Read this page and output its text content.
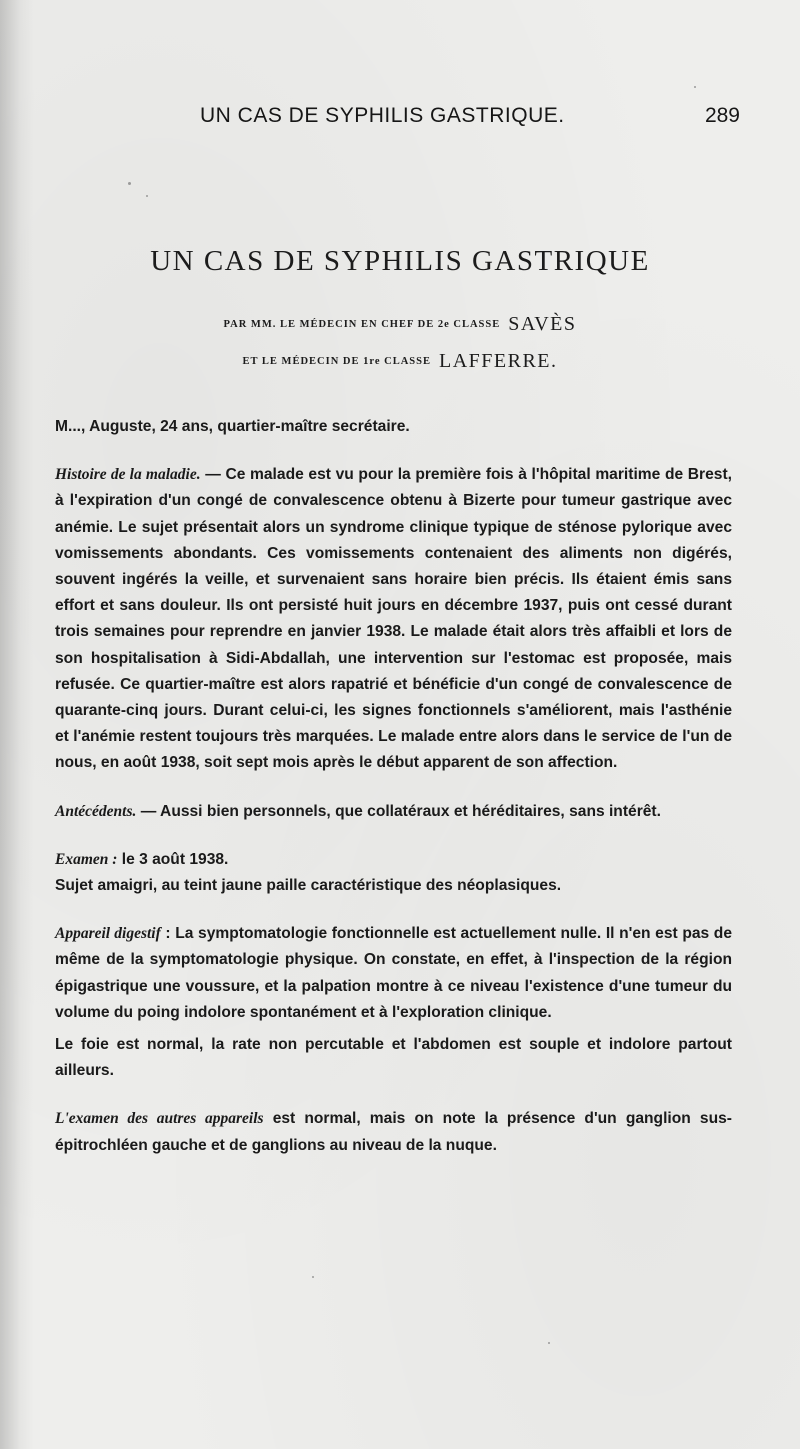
UN CAS DE SYPHILIS GASTRIQUE.	289
UN CAS DE SYPHILIS GASTRIQUE
PAR MM. LE MÉDECIN EN CHEF DE 2e CLASSE SAVÈS
ET LE MÉDECIN DE 1re CLASSE LAFFERRE.

M..., Auguste, 24 ans, quartier-maître secrétaire.

Histoire de la maladie. — Ce malade est vu pour la première fois à l'hôpital maritime de Brest, à l'expiration d'un congé de convalescence obtenu à Bizerte pour tumeur gastrique avec anémie. Le sujet présentait alors un syndrome clinique typique de sténose pylorique avec vomissements abondants. Ces vomissements contenaient des aliments non digérés, souvent ingérés la veille, et survenaient sans horaire bien précis. Ils étaient émis sans effort et sans douleur. Ils ont persisté huit jours en décembre 1937, puis ont cessé durant trois semaines pour reprendre en janvier 1938. Le malade était alors très affaibli et lors de son hospitalisation à Sidi-Abdallah, une intervention sur l'estomac est proposée, mais refusée. Ce quartier-maître est alors rapatrié et bénéficie d'un congé de convalescence de quarante-cinq jours. Durant celui-ci, les signes fonctionnels s'améliorent, mais l'asthénie et l'anémie restent toujours très marquées. Le malade entre alors dans le service de l'un de nous, en août 1938, soit sept mois après le début apparent de son affection.

Antécédents. — Aussi bien personnels, que collatéraux et héréditaires, sans intérêt.

Examen : le 3 août 1938.

Sujet amaigri, au teint jaune paille caractéristique des néoplasiques.

Appareil digestif : La symptomatologie fonctionnelle est actuellement nulle. Il n'en est pas de même de la symptomatologie physique. On constate, en effet, à l'inspection de la région épigastrique une voussure, et la palpation montre à ce niveau l'existence d'une tumeur du volume du poing indolore spontanément et à l'exploration clinique.

Le foie est normal, la rate non percutable et l'abdomen est souple et indolore partout ailleurs.

L'examen des autres appareils est normal, mais on note la présence d'un ganglion sus-épitrochléen gauche et de ganglions au niveau de la nuque.
